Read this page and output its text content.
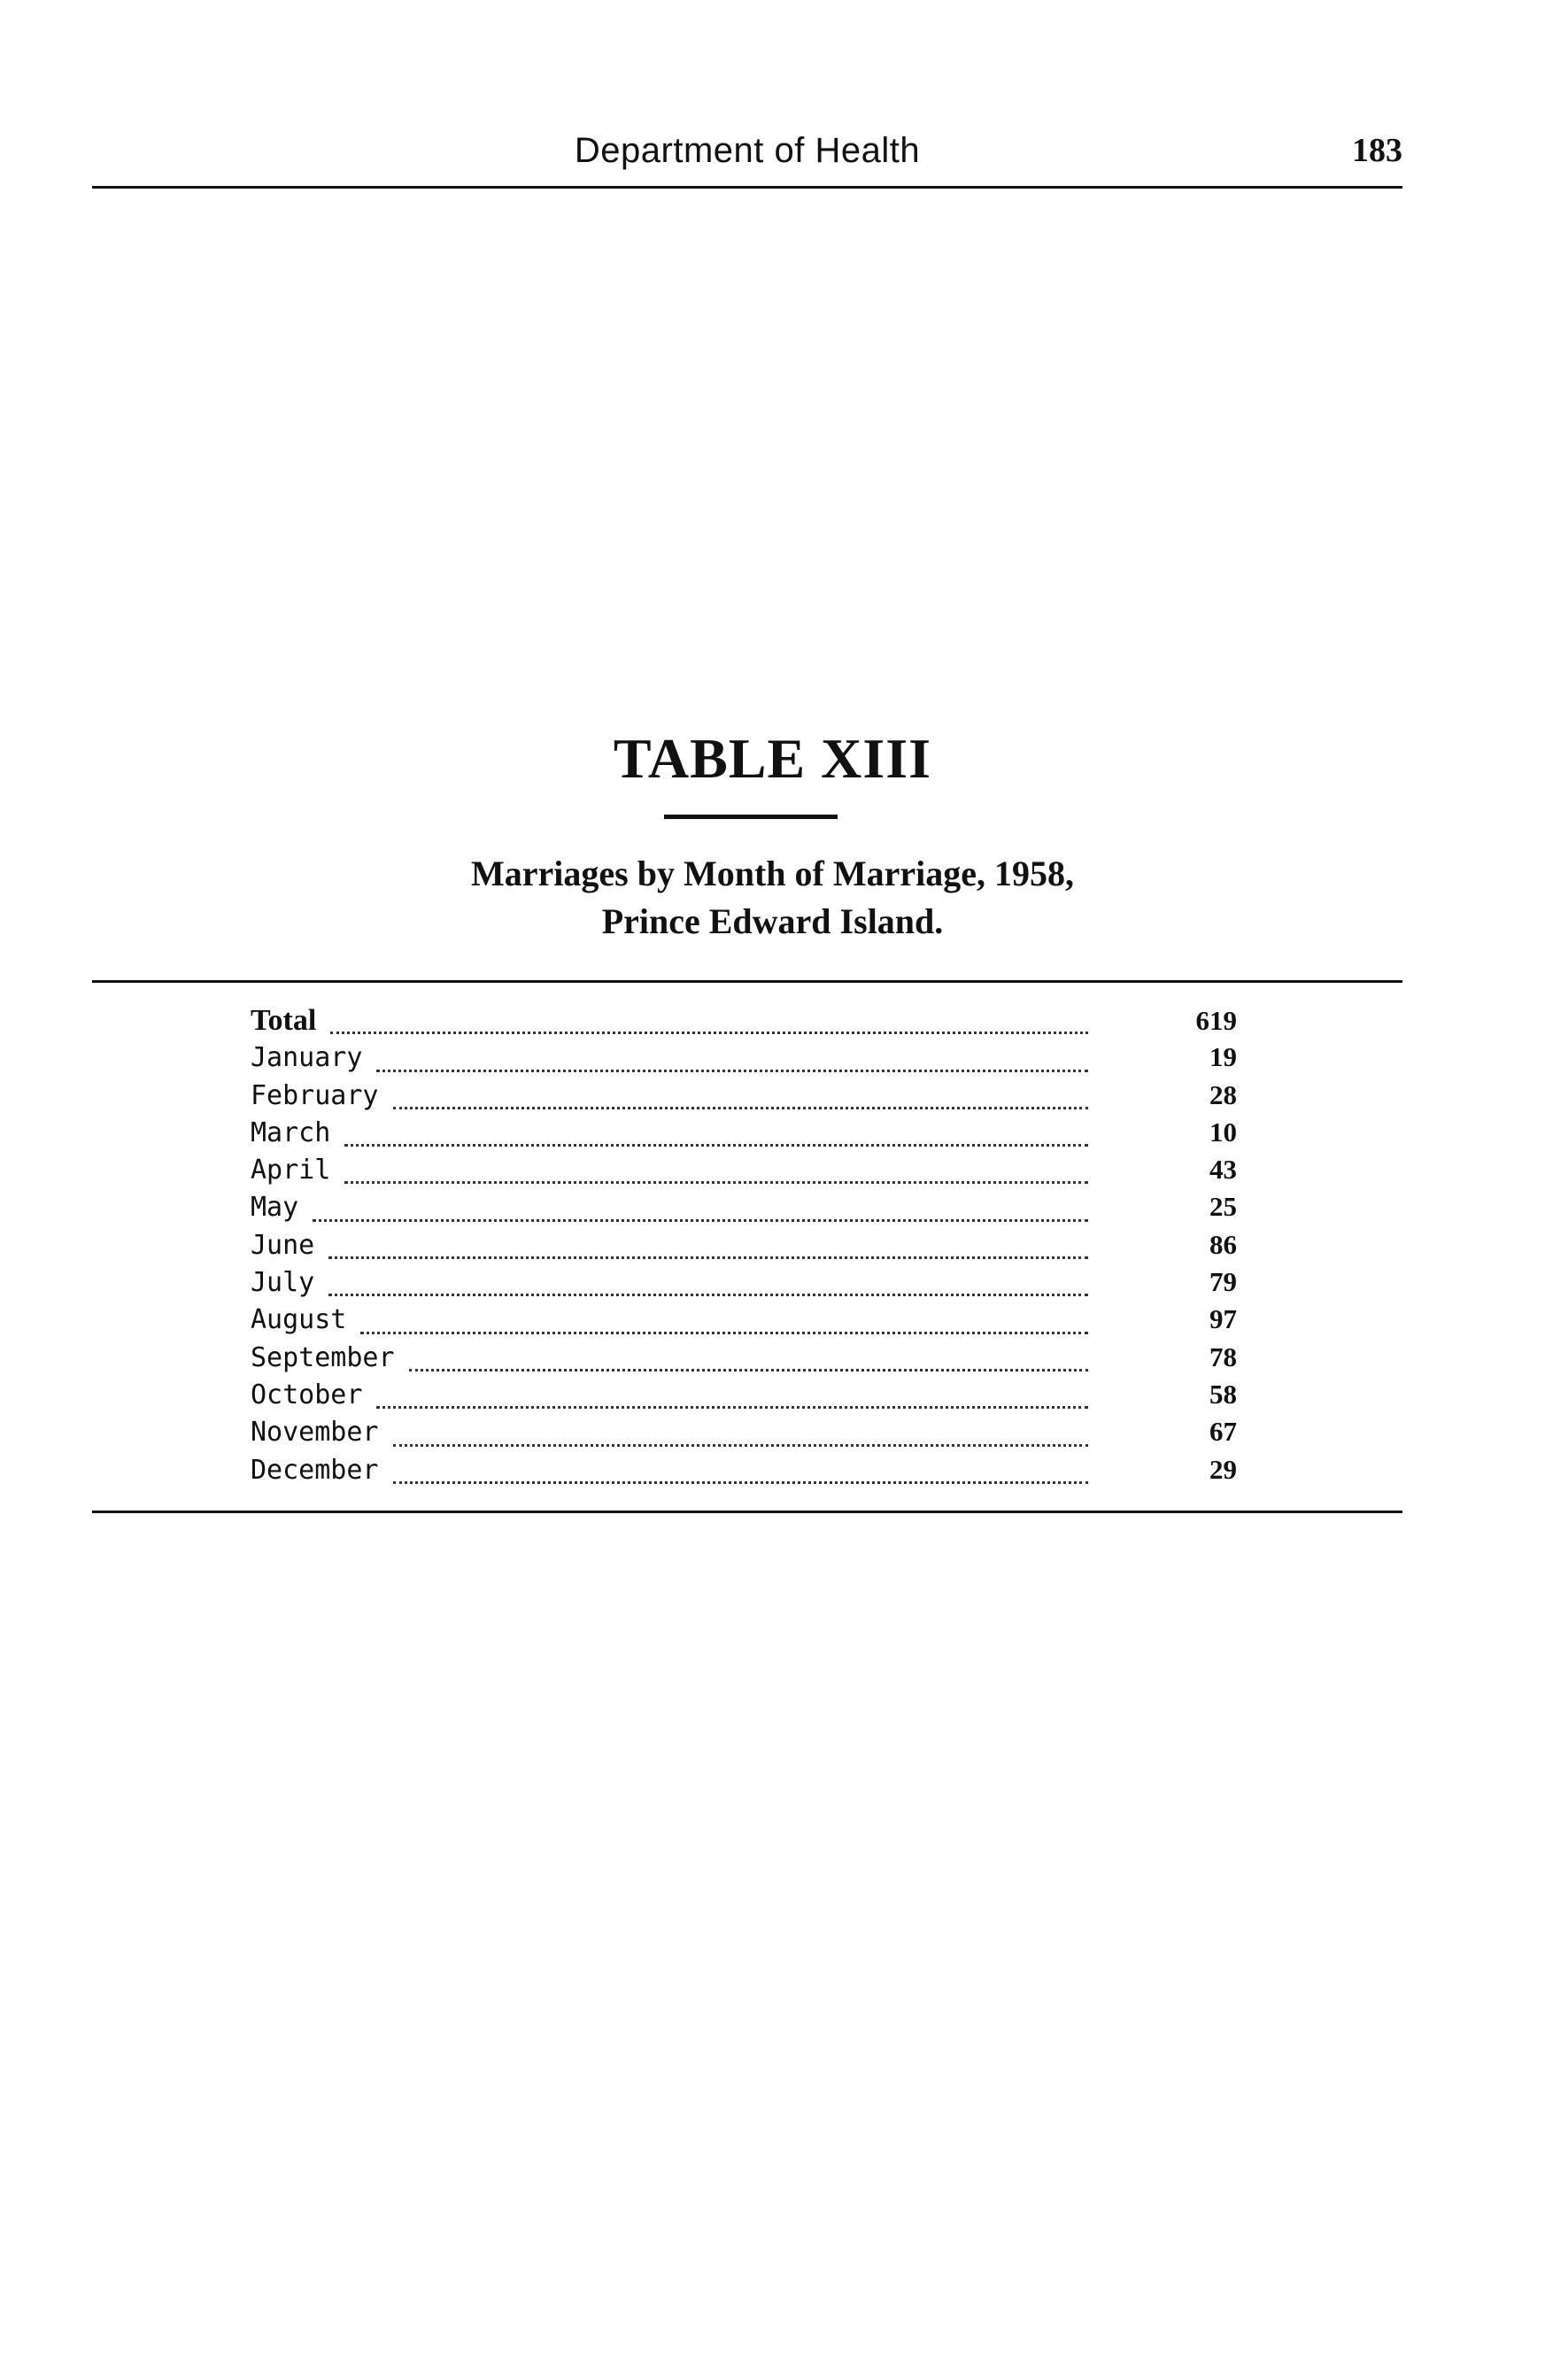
Department of Health	183
TABLE XIII
Marriages by Month of Marriage, 1958,
Prince Edward Island.
Total	619
January	19
February	28
March	10
April	43
May	25
June	86
July	79
August	97
September	78
October	58
November	67
December	29
